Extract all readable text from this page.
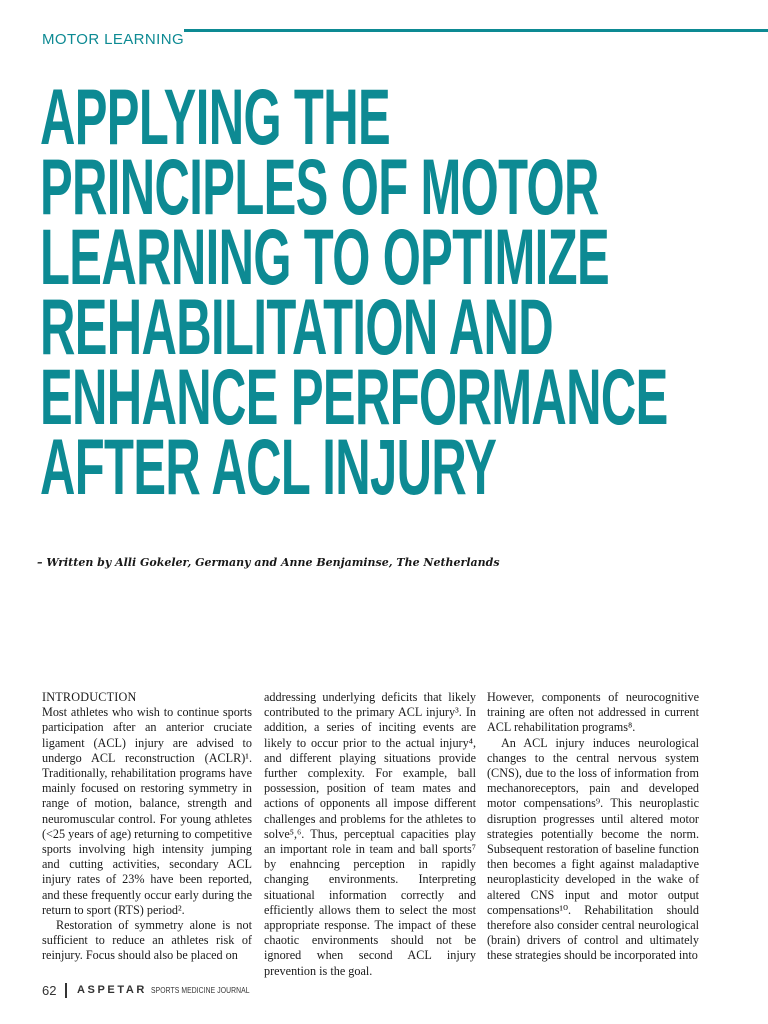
MOTOR LEARNING
APPLYING THE
PRINCIPLES OF MOTOR
LEARNING TO OPTIMIZE
REHABILITATION AND
ENHANCE PERFORMANCE
AFTER ACL INJURY
– Written by Alli Gokeler, Germany and Anne Benjaminse, The Netherlands
INTRODUCTION

Most athletes who wish to continue sports participation after an anterior cruciate ligament (ACL) injury are advised to undergo ACL reconstruction (ACLR)¹. Traditionally, rehabilitation programs have mainly focused on restoring symmetry in range of motion, balance, strength and neuromuscular control. For young athletes (<25 years of age) returning to competitive sports involving high intensity jumping and cutting activities, secondary ACL injury rates of 23% have been reported, and these frequently occur early during the return to sport (RTS) period².

Restoration of symmetry alone is not sufficient to reduce an athletes risk of reinjury. Focus should also be placed on

addressing underlying deficits that likely contributed to the primary ACL injury³. In addition, a series of inciting events are likely to occur prior to the actual injury⁴, and different playing situations provide further complexity. For example, ball possession, position of team mates and actions of opponents all impose different challenges and problems for the athletes to solve⁵,⁶. Thus, perceptual capacities play an important role in team and ball sports⁷ by enahncing perception in rapidly changing environments. Interpreting situational information correctly and efficiently allows them to select the most appropriate response. The impact of these chaotic environments should not be ignored when second ACL injury prevention is the goal.

However, components of neurocognitive training are often not addressed in current ACL rehabilitation programs⁸.

An ACL injury induces neurological changes to the central nervous system (CNS), due to the loss of information from mechanoreceptors, pain and developed motor compensations⁹. This neuroplastic disruption progresses until altered motor strategies potentially become the norm. Subsequent restoration of baseline function then becomes a fight against maladaptive neuroplasticity developed in the wake of altered CNS input and motor output compensations¹⁰. Rehabilitation should therefore also consider central neurological (brain) drivers of control and ultimately these strategies should be incorporated into

62 ASPETAR SPORTS MEDICINE JOURNAL
